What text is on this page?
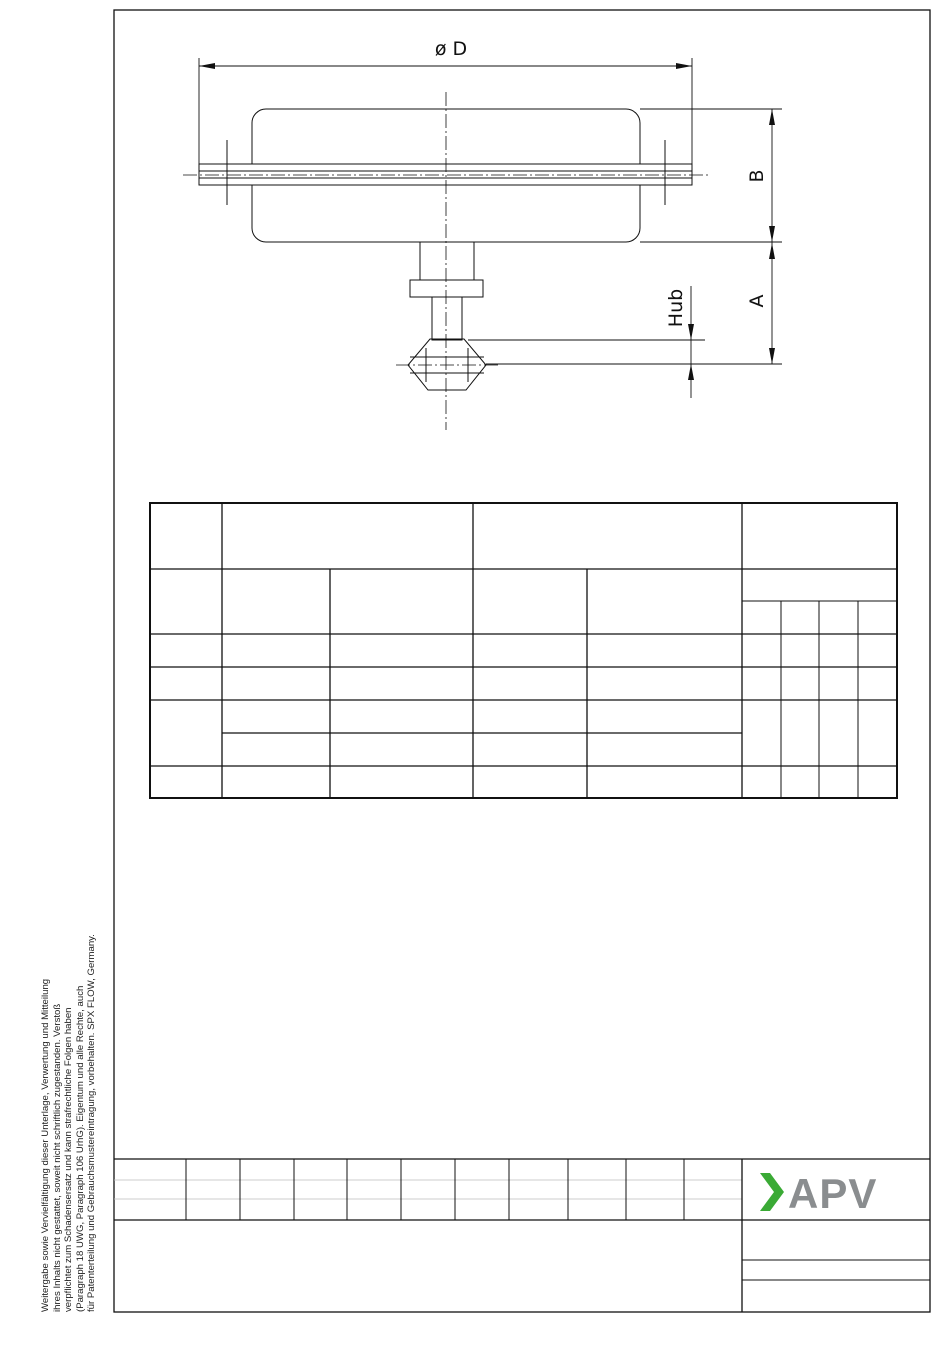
ø D
B
A
Hub
APV
Weitergabe sowie Vervielfältigung dieser Unterlage, Verwertung und Mitteilung ihres Inhalts nicht gestattet, soweit nicht schriftlich zugestanden. Verstoß verpflichtet zum Schadensersatz und kann strafrechtliche Folgen haben (Paragraph 18 UWG, Paragraph 106 UrhG). Eigentum und alle Rechte, auch für Patenterteilung und Gebrauchsmustereintragung, vorbehalten. SPX FLOW, Germany.
